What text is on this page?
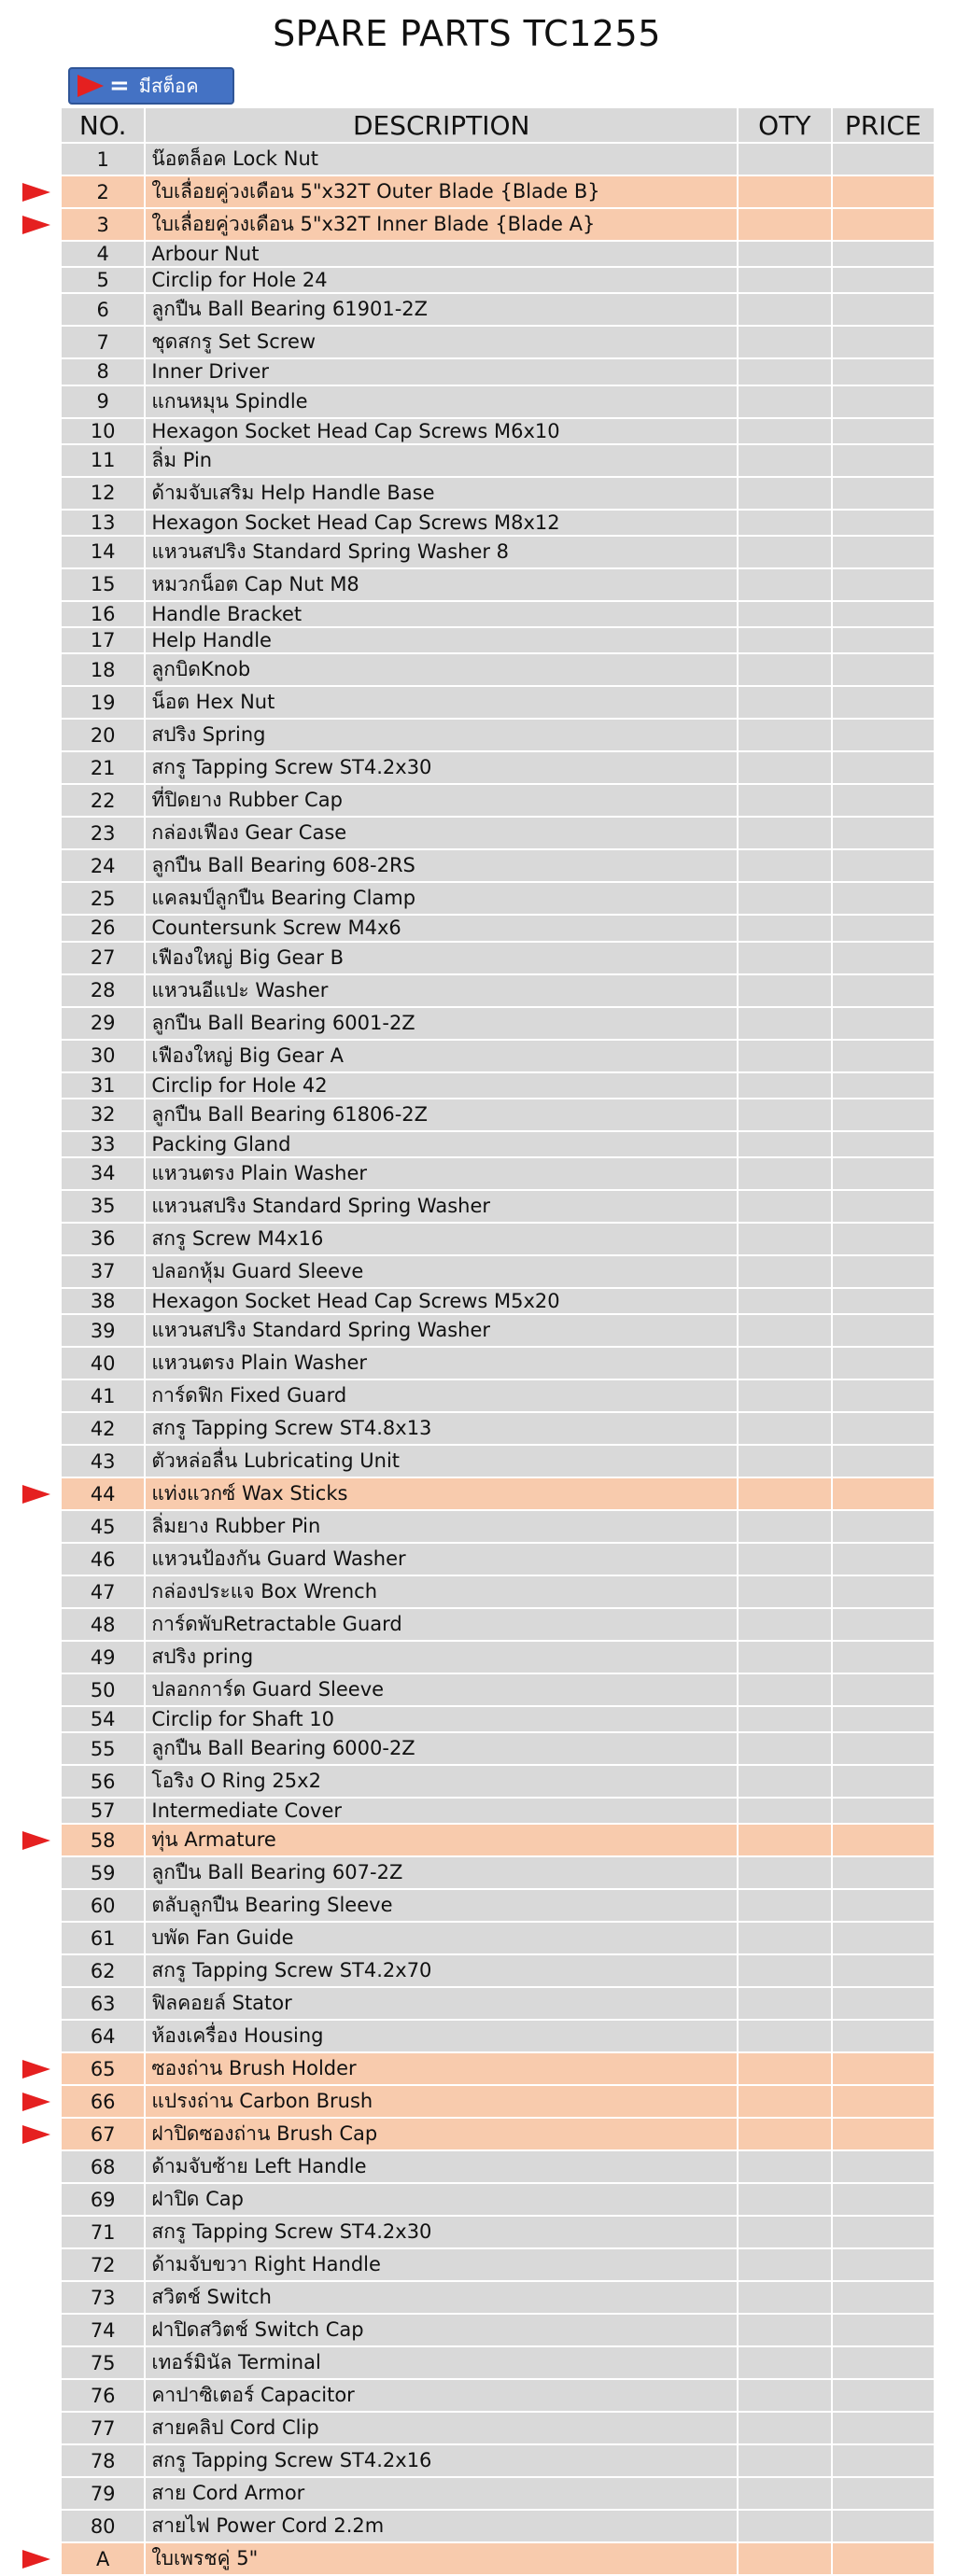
SPARE PARTS TC1255
= มีสต็อค
NO.	DESCRIPTION	OTY	PRICE
1	น๊อตล็อค Lock Nut		
2	ใบเลื่อยคู่วงเดือน 5"x32T Outer Blade {Blade B}		
3	ใบเลื่อยคู่วงเดือน 5"x32T Inner Blade {Blade A}		
4	Arbour Nut		
5	Circlip for Hole 24		
6	ลูกปืน Ball Bearing 61901-2Z		
7	ชุดสกรู Set Screw		
8	Inner Driver		
9	แกนหมุน Spindle		
10	Hexagon Socket Head Cap Screws M6x10		
11	ลิ่ม Pin		
12	ด้ามจับเสริม Help Handle Base		
13	Hexagon Socket Head Cap Screws M8x12		
14	แหวนสปริง Standard Spring Washer 8		
15	หมวกน็อต Cap Nut M8		
16	Handle Bracket		
17	Help Handle		
18	ลูกบิดKnob		
19	น็อต Hex Nut		
20	สปริง Spring		
21	สกรู Tapping Screw ST4.2x30		
22	ที่ปิดยาง Rubber Cap		
23	กล่องเฟือง Gear Case		
24	ลูกปืน Ball Bearing 608-2RS		
25	แคลมป์ลูกปืน Bearing Clamp		
26	Countersunk Screw M4x6		
27	เฟืองใหญ่ Big Gear B		
28	แหวนอีแปะ Washer		
29	ลูกปืน Ball Bearing 6001-2Z		
30	เฟืองใหญ่ Big Gear A		
31	Circlip for Hole 42		
32	ลูกปืน Ball Bearing 61806-2Z		
33	Packing Gland		
34	แหวนตรง Plain Washer		
35	แหวนสปริง Standard Spring Washer		
36	สกรู Screw M4x16		
37	ปลอกหุ้ม Guard Sleeve		
38	Hexagon Socket Head Cap Screws M5x20		
39	แหวนสปริง Standard Spring Washer		
40	แหวนตรง Plain Washer		
41	การ์ดฟิก Fixed Guard		
42	สกรู Tapping Screw ST4.8x13		
43	ตัวหล่อลื่น Lubricating Unit		
44	แท่งแวกซ์ Wax Sticks		
45	ลิ่มยาง Rubber Pin		
46	แหวนป้องกัน Guard Washer		
47	กล่องประแจ Box Wrench		
48	การ์ดพับRetractable Guard		
49	สปริง pring		
50	ปลอกการ์ด Guard Sleeve		
54	Circlip for Shaft 10		
55	ลูกปืน Ball Bearing 6000-2Z		
56	โอริง O Ring 25x2		
57	Intermediate Cover		
58	ทุ่น Armature		
59	ลูกปืน Ball Bearing 607-2Z		
60	ตลับลูกปืน Bearing Sleeve		
61	บพัด Fan Guide		
62	สกรู Tapping Screw ST4.2x70		
63	ฟิลคอยล์ Stator		
64	ห้องเครื่อง Housing		
65	ซองถ่าน Brush Holder		
66	แปรงถ่าน Carbon Brush		
67	ฝาปิดซองถ่าน Brush Cap		
68	ด้ามจับซ้าย Left Handle		
69	ฝาปิด Cap		
71	สกรู Tapping Screw ST4.2x30		
72	ด้ามจับขวา Right Handle		
73	สวิตช์ Switch		
74	ฝาปิดสวิตช์ Switch Cap		
75	เทอร์มินัล Terminal		
76	คาปาซิเตอร์ Capacitor		
77	สายคลิป Cord Clip		
78	สกรู Tapping Screw ST4.2x16		
79	สาย Cord Armor		
80	สายไฟ Power Cord 2.2m		
A	ใบเพรชคู่ 5"		
